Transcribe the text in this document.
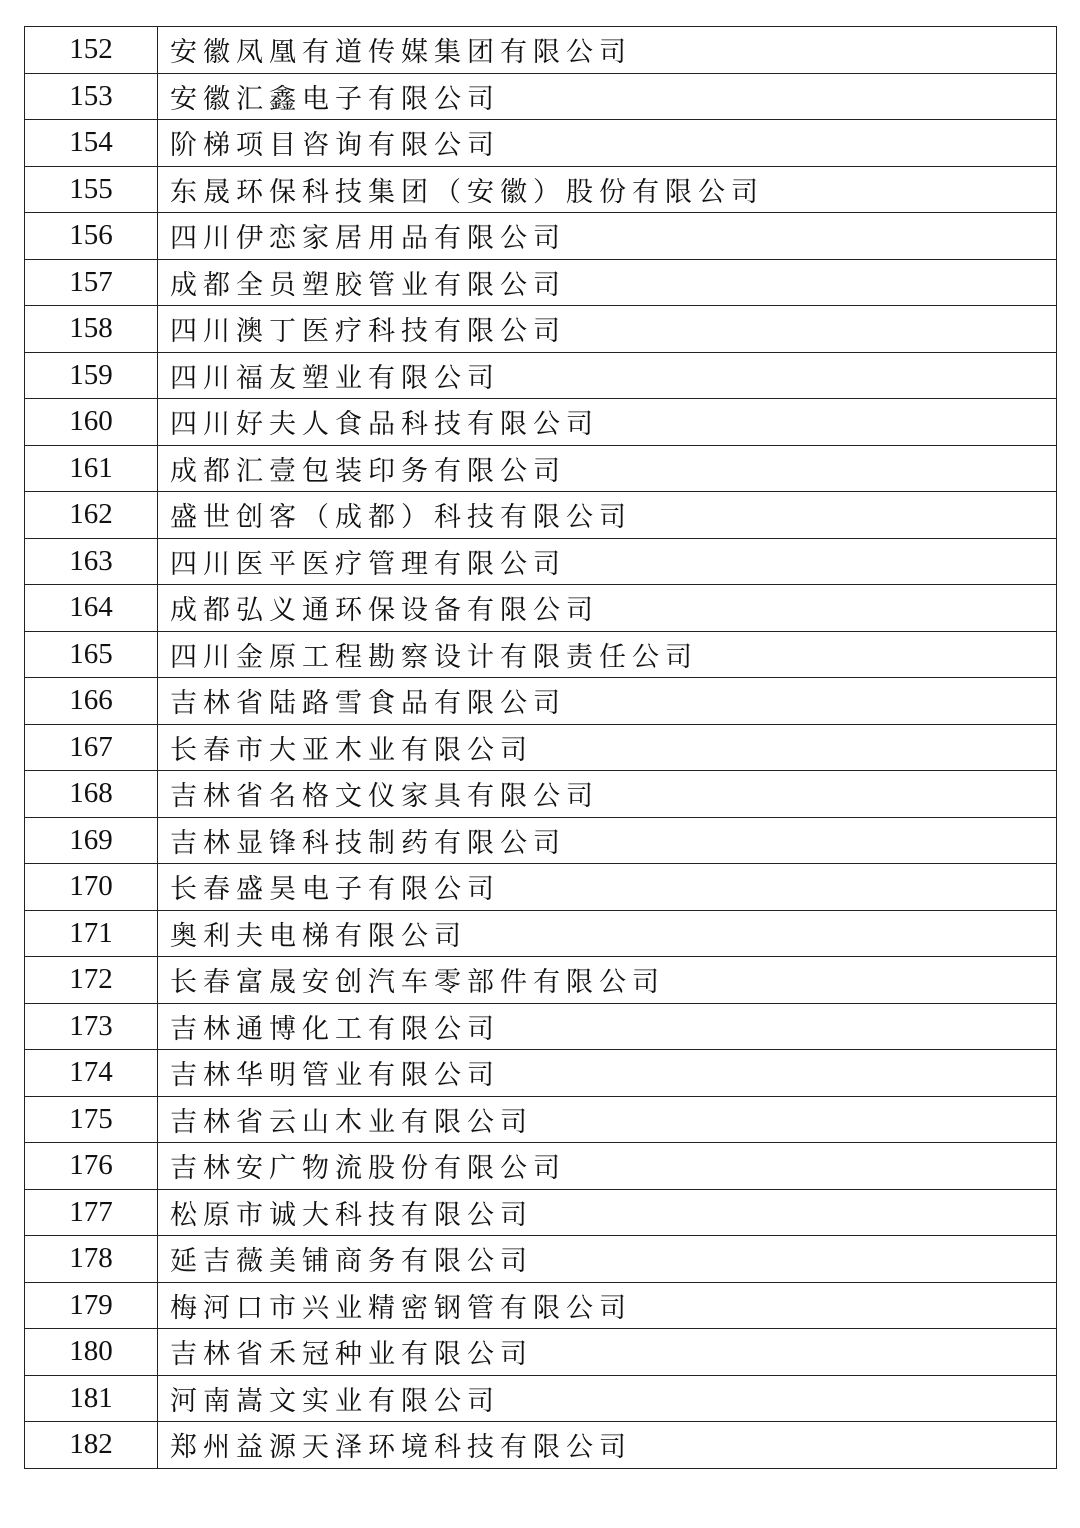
152	安徽凤凰有道传媒集团有限公司
153	安徽汇鑫电子有限公司
154	阶梯项目咨询有限公司
155	东晟环保科技集团（安徽）股份有限公司
156	四川伊恋家居用品有限公司
157	成都全员塑胶管业有限公司
158	四川澳丁医疗科技有限公司
159	四川福友塑业有限公司
160	四川好夫人食品科技有限公司
161	成都汇壹包装印务有限公司
162	盛世创客（成都）科技有限公司
163	四川医平医疗管理有限公司
164	成都弘义通环保设备有限公司
165	四川金原工程勘察设计有限责任公司
166	吉林省陆路雪食品有限公司
167	长春市大亚木业有限公司
168	吉林省名格文仪家具有限公司
169	吉林显锋科技制药有限公司
170	长春盛昊电子有限公司
171	奥利夫电梯有限公司
172	长春富晟安创汽车零部件有限公司
173	吉林通博化工有限公司
174	吉林华明管业有限公司
175	吉林省云山木业有限公司
176	吉林安广物流股份有限公司
177	松原市诚大科技有限公司
178	延吉薇美铺商务有限公司
179	梅河口市兴业精密钢管有限公司
180	吉林省禾冠种业有限公司
181	河南嵩文实业有限公司
182	郑州益源天泽环境科技有限公司
